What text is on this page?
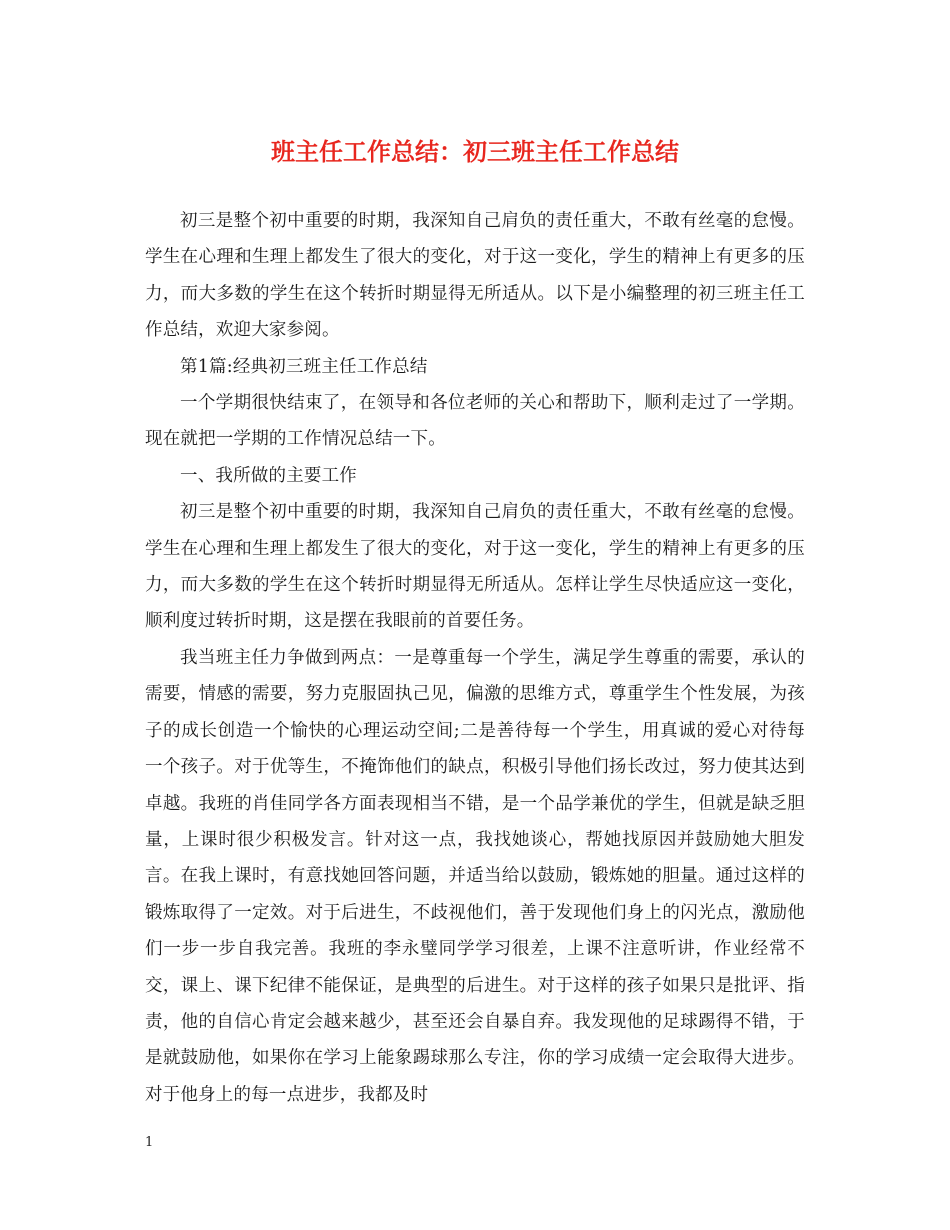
班主任工作总结：初三班主任工作总结

初三是整个初中重要的时期，我深知自己肩负的责任重大，不敢有丝毫的怠慢。学生在心理和生理上都发生了很大的变化，对于这一变化，学生的精神上有更多的压力，而大多数的学生在这个转折时期显得无所适从。以下是小编整理的初三班主任工作总结，欢迎大家参阅。

第1篇:经典初三班主任工作总结

一个学期很快结束了，在领导和各位老师的关心和帮助下，顺利走过了一学期。现在就把一学期的工作情况总结一下。

一、我所做的主要工作

初三是整个初中重要的时期，我深知自己肩负的责任重大，不敢有丝毫的怠慢。学生在心理和生理上都发生了很大的变化，对于这一变化，学生的精神上有更多的压力，而大多数的学生在这个转折时期显得无所适从。怎样让学生尽快适应这一变化，顺利度过转折时期，这是摆在我眼前的首要任务。

我当班主任力争做到两点：一是尊重每一个学生，满足学生尊重的需要，承认的需要，情感的需要，努力克服固执己见，偏激的思维方式，尊重学生个性发展，为孩子的成长创造一个愉快的心理运动空间;二是善待每一个学生，用真诚的爱心对待每一个孩子。对于优等生，不掩饰他们的缺点，积极引导他们扬长改过，努力使其达到卓越。我班的肖佳同学各方面表现相当不错，是一个品学兼优的学生，但就是缺乏胆量，上课时很少积极发言。针对这一点，我找她谈心，帮她找原因并鼓励她大胆发言。在我上课时，有意找她回答问题，并适当给以鼓励，锻炼她的胆量。通过这样的锻炼取得了一定效。对于后进生，不歧视他们，善于发现他们身上的闪光点，激励他们一步一步自我完善。我班的李永璧同学学习很差，上课不注意听讲，作业经常不交，课上、课下纪律不能保证，是典型的后进生。对于这样的孩子如果只是批评、指责，他的自信心肯定会越来越少，甚至还会自暴自弃。我发现他的足球踢得不错，于是就鼓励他，如果你在学习上能象踢球那么专注，你的学习成绩一定会取得大进步。对于他身上的每一点进步，我都及时

1
